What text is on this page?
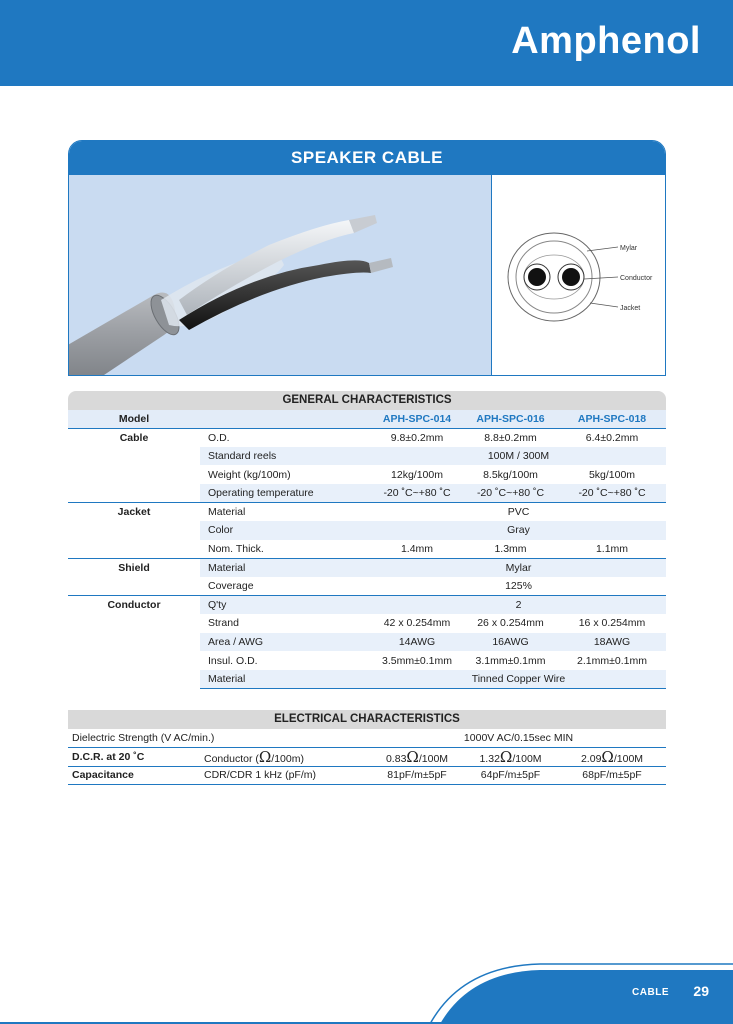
Amphenol
SPEAKER CABLE
Mylar
Conductor
Jacket
GENERAL CHARACTERISTICS				
Model		APH-SPC-014	APH-SPC-016	APH-SPC-018
Cable	O.D.	9.8±0.2mm	8.8±0.2mm	6.4±0.2mm
	Standard reels	100M / 300M		
	Weight (kg/100m)	12kg/100m	8.5kg/100m	5kg/100m
	Operating temperature	-20 ˚C~+80 ˚C	-20 ˚C~+80 ˚C	-20 ˚C~+80 ˚C
Jacket	Material	PVC		
	Color	Gray		
	Nom. Thick.	1.4mm	1.3mm	1.1mm
Shield	Material	Mylar		
	Coverage	125%		
Conductor	Q'ty	2		
	Strand	42 x 0.254mm	26 x 0.254mm	16 x 0.254mm
	Area / AWG	14AWG	16AWG	18AWG
	Insul. O.D.	3.5mm±0.1mm	3.1mm±0.1mm	2.1mm±0.1mm
	Material	Tinned Copper Wire		
ELECTRICAL CHARACTERISTICS				
Dielectric Strength (V AC/min.)		1000V AC/0.15sec MIN		
D.C.R. at 20 ˚C	Conductor (Ω/100m)	0.83Ω/100M	1.32Ω/100M	2.09Ω/100M
Capacitance	CDR/CDR 1 kHz (pF/m)	81pF/m±5pF	64pF/m±5pF	68pF/m±5pF
CABLE 29
